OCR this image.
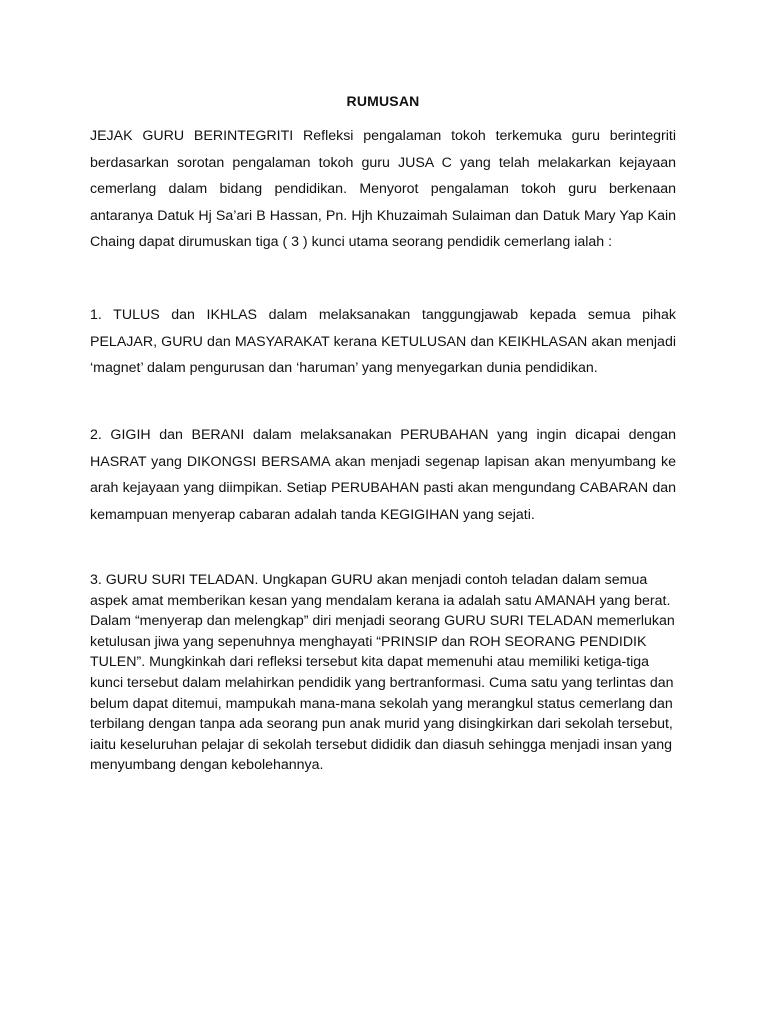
RUMUSAN

JEJAK GURU BERINTEGRITI Refleksi pengalaman tokoh terkemuka guru berintegriti berdasarkan sorotan pengalaman tokoh guru JUSA C yang telah melakarkan kejayaan cemerlang dalam bidang pendidikan. Menyorot pengalaman tokoh guru berkenaan antaranya Datuk Hj Sa’ari B Hassan, Pn. Hjh Khuzaimah Sulaiman dan Datuk Mary Yap Kain Chaing dapat dirumuskan tiga ( 3 ) kunci utama seorang pendidik cemerlang ialah :

1. TULUS dan IKHLAS dalam melaksanakan tanggungjawab kepada semua pihak PELAJAR, GURU dan MASYARAKAT kerana KETULUSAN dan KEIKHLASAN akan menjadi ‘magnet’ dalam pengurusan dan ‘haruman’ yang menyegarkan dunia pendidikan.

2. GIGIH dan BERANI dalam melaksanakan PERUBAHAN yang ingin dicapai dengan HASRAT yang DIKONGSI BERSAMA akan menjadi segenap lapisan akan menyumbang ke arah kejayaan yang diimpikan. Setiap PERUBAHAN pasti akan mengundang CABARAN dan kemampuan menyerap cabaran adalah tanda KEGIGIHAN yang sejati.

3. GURU SURI TELADAN. Ungkapan GURU akan menjadi contoh teladan dalam semua aspek amat memberikan kesan yang mendalam kerana ia adalah satu AMANAH yang berat. Dalam “menyerap dan melengkap” diri menjadi seorang GURU SURI TELADAN memerlukan ketulusan jiwa yang sepenuhnya menghayati “PRINSIP dan ROH SEORANG PENDIDIK TULEN”. Mungkinkah dari refleksi tersebut kita dapat memenuhi atau memiliki ketiga-tiga kunci tersebut dalam melahirkan pendidik yang bertranformasi. Cuma satu yang terlintas dan belum dapat ditemui, mampukah mana-mana sekolah yang merangkul status cemerlang dan terbilang dengan tanpa ada seorang pun anak murid yang disingkirkan dari sekolah tersebut, iaitu keseluruhan pelajar di sekolah tersebut dididik dan diasuh sehingga menjadi insan yang menyumbang dengan kebolehannya.
